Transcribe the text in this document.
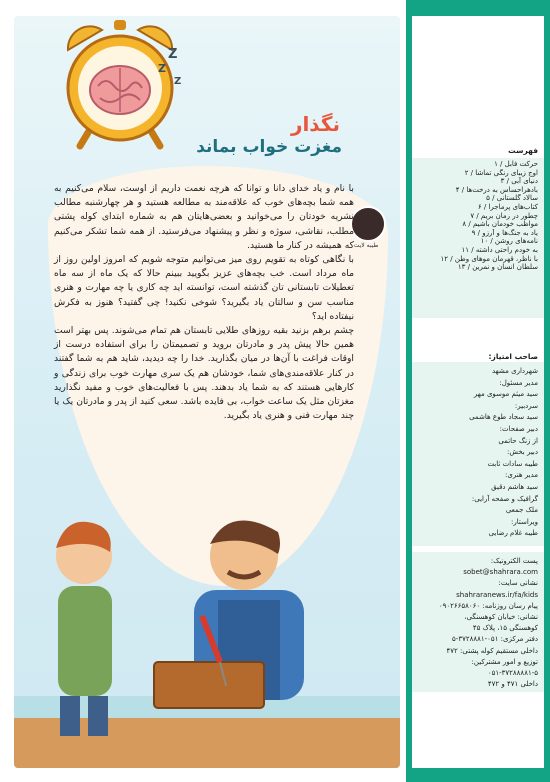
Z
Z
Z
نگذار
مغزت خواب بماند
طیبه لایت

با نام و یاد خدای دانا و توانا که هرچه نعمت داریم از اوست، سلام می‌کنیم به همه شما بچه‌های خوب که علاقه‌مند به مطالعه هستید و هر چهارشنبه مطالب نشریه خودتان را می‌خوانید و بعضی‌هایتان هم به شماره ابتدای کوله پشتی مطلب، نقاشی، سوژه و نظر و پیشنهاد می‌فرستید. از همه شما تشکر می‌کنیم که همیشه در کنار ما هستید.

با نگاهی کوتاه به تقویم روی میز می‌توانیم متوجه شویم که امروز اولین روز از ماه مرداد است. خب بچه‌های عزیز بگویید ببینم حالا که یک ماه از سه ماه تعطیلات تابستانی تان گذشته است، توانسته اید چه کاری یا چه مهارت و هنری مناسب سن و سالتان یاد بگیرید؟ شوخی نکنید! چی گفتید؟ هنوز به فکرش نیفتاده اید؟

چشم برهم بزنید بقیه روزهای طلایی تابستان هم تمام می‌شوند. پس بهتر است همین حالا پیش پدر و مادرتان بروید و تصمیمتان را برای استفاده درست از اوقات فراغت با آن‌ها در میان بگذارید. خدا را چه دیدید، شاید هم به شما گفتند در کنار علاقه‌مندی‌های شما، خودشان هم یک سری مهارت خوب برای زندگی و کارهایی هستند که به شما یاد بدهند. پس با فعالیت‌های خوب و مفید نگذارید مغزتان مثل یک ساعت خواب، بی فایده باشد. سعی کنید از پدر و مادرتان یک یا چند مهارت فنی و هنری یاد بگیرید.

فهرست
حرکت فابل / ۱
اوج زیبای رنگی تماشا / ۲
دنیای آبی / ۳
بادهراحساس به درخت‌ها / ۴
سالاد گلستانی / ۵
کتاب‌های پرماجرا / ۶
چطور در رمان بریم / ۷
مواظب خودمان باشیم / ۸
یاد به جنگ‌ها و آرزو / ۹
نامه‌های روشن / ۱۰
به خودم راحتی داشته / ۱۱
با ناظر، قهرمان موهای وطن / ۱۲
سلطان انسان و نمرین / ۱۳
صاحب امتیاز:
شهرداری مشهد
مدیر مسئول:
سید میثم موسوی مهر
سردبیر:
سید سجاد طوع هاشمی
دبیر صفحات:
از زنگ حاتمی
دبیر بخش:
طیبه سادات ثابت
مدیر هنری:
سید هاشم دقیق
گرافیک و صفحه آرایی:
ملک جمعی
ویراستار:
طیبه غلام رضایی
پست الکترونیک:
sobet@shahrara.com
نشانی سایت:
shahraranews.ir/fa/kids
پیام رسان روزنامه: ۰۹۰۲۶۶۵۸۰۶۰
نشانی: خیابان کوهسنگی،
کوهسنگی ۱۵، پلاک ۴۵
دفتر مرکزی: ۰۵۱-۳۷۲۸۸۸۱-۵
داخلی مستقیم کوله پشتی: ۴۷۲
توزیع و امور مشترکین:
۰۵۱-۳۷۲۸۸۸۸۱-۵
داخلی ۴۷۱ و ۴۷۲
